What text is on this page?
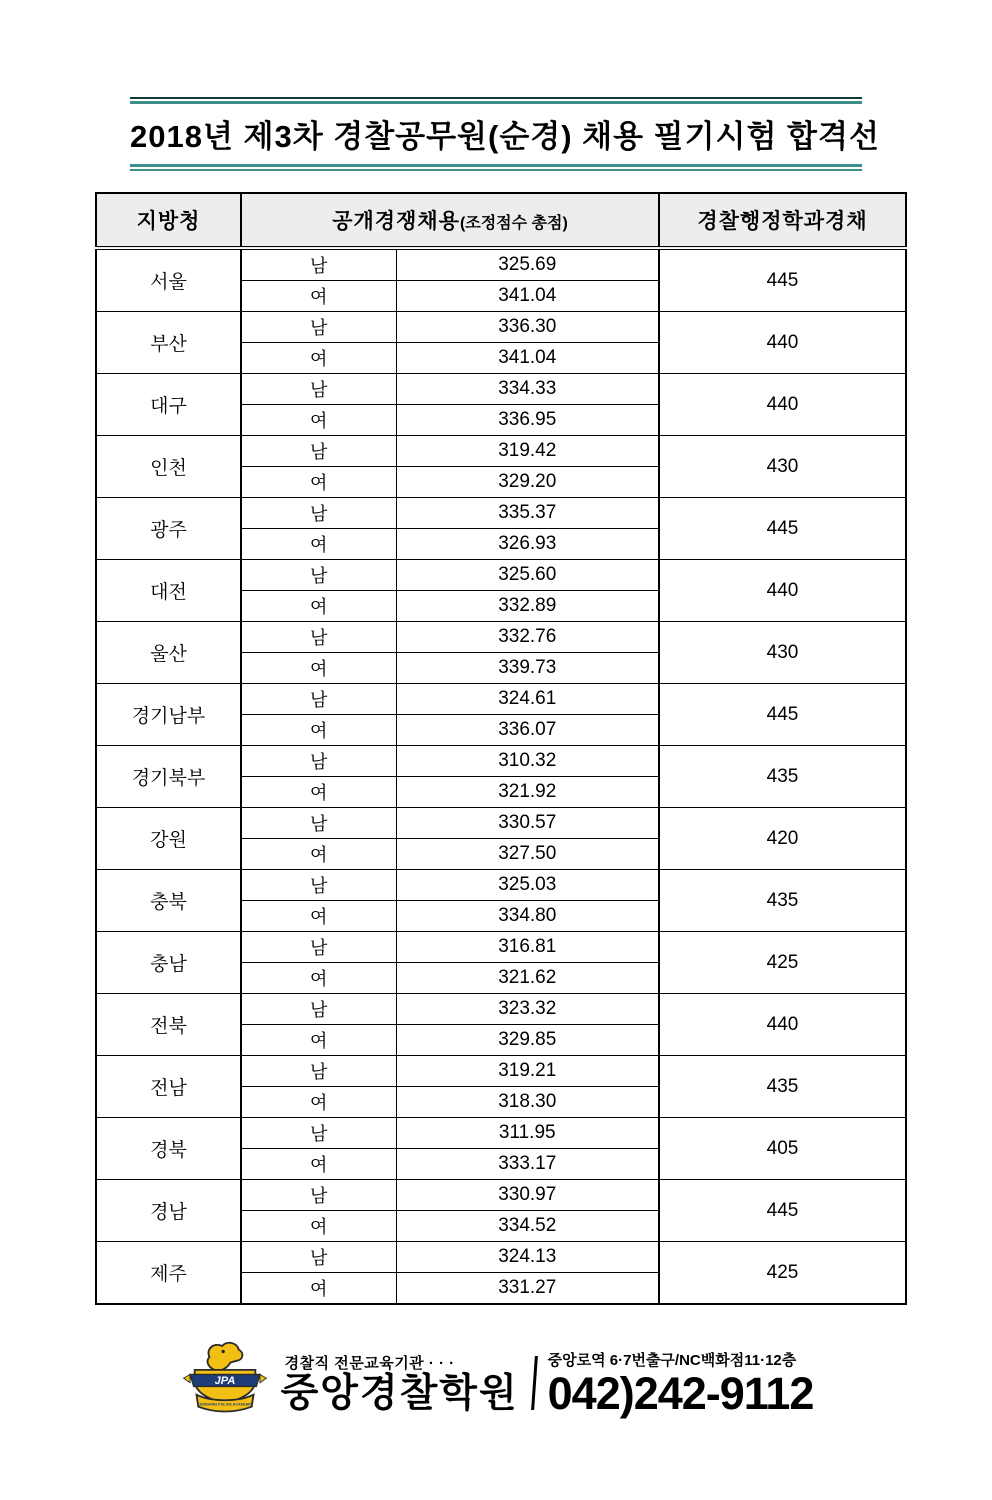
2018년 제3차 경찰공무원(순경) 채용 필기시험 합격선
지방청	공개경쟁채용(조정점수 총점)		경찰행정학과경채
서울	남	325.69	445
	여	341.04	
부산	남	336.30	440
	여	341.04	
대구	남	334.33	440
	여	336.95	
인천	남	319.42	430
	여	329.20	
광주	남	335.37	445
	여	326.93	
대전	남	325.60	440
	여	332.89	
울산	남	332.76	430
	여	339.73	
경기남부	남	324.61	445
	여	336.07	
경기북부	남	310.32	435
	여	321.92	
강원	남	330.57	420
	여	327.50	
충북	남	325.03	435
	여	334.80	
충남	남	316.81	425
	여	321.62	
전북	남	323.32	440
	여	329.85	
전남	남	319.21	435
	여	318.30	
경북	남	311.95	405
	여	333.17	
경남	남	330.97	445
	여	334.52	
제주	남	324.13	425
	여	331.27	
JPA
JUNGANG POLICE ACADEMY
경찰직 전문교육기관 · · ·
중앙경찰학원
중앙로역 6·7번출구/NC백화점11·12층
042)242-9112
